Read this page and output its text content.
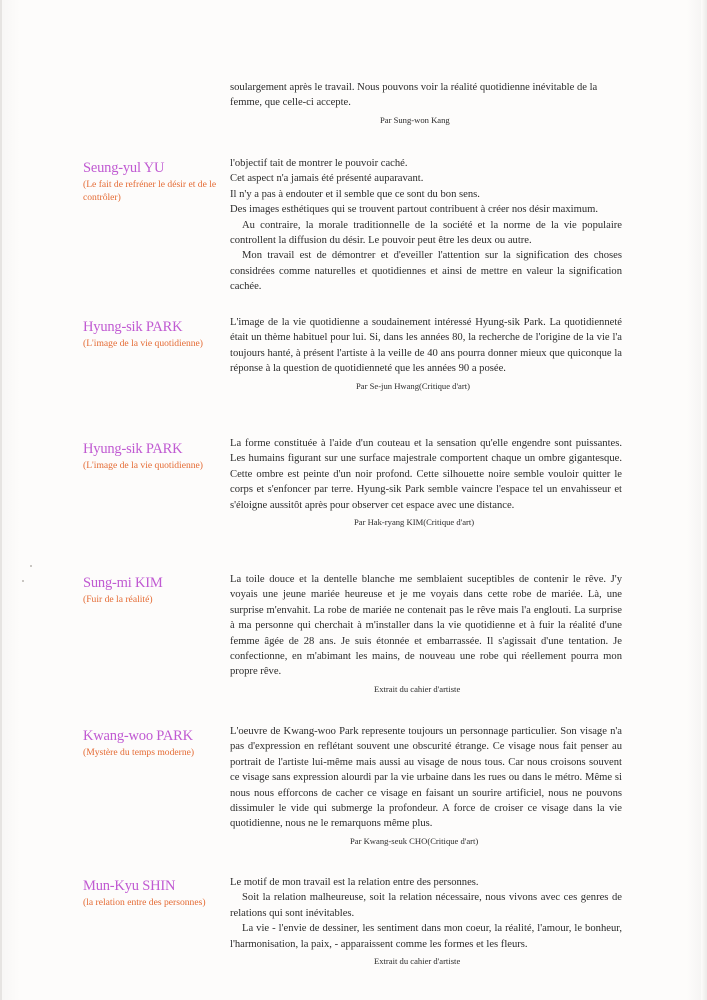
soulargement après le travail. Nous pouvons voir la réalité quotidienne inévitable de la

femme, que celle-ci accepte.

Par Sung-won Kang

Seung-yul YU

(Le fait de refréner le désir et de le contrôler)

l'objectif tait de montrer le pouvoir caché.

Cet aspect n'a jamais été présenté auparavant.

Il n'y a pas à endouter et il semble que ce sont du bon sens.

Des images esthétiques qui se trouvent partout contribuent à créer nos désir maximum.

Au contraire, la morale traditionnelle de la société et la norme de la vie populaire controllent la diffusion du désir. Le pouvoir peut être les deux ou autre.

Mon travail est de démontrer et d'eveiller l'attention sur la signification des choses considrées comme naturelles et quotidiennes et ainsi de mettre en valeur la signification cachée.

Hyung-sik PARK

(L'image de la vie quotidienne)

L'image de la vie quotidienne a soudainement intéressé Hyung-sik Park. La quotidienneté était un thème habituel pour lui. Si, dans les années 80, la recherche de l'origine de la vie l'a toujours hanté, à présent l'artiste à la veille de 40 ans pourra donner mieux que quiconque la réponse à la question de quotidienneté que les années 90 a posée.

Par Se-jun Hwang(Critique d'art)

Hyung-sik PARK

(L'image de la vie quotidienne)

La forme constituée à l'aide d'un couteau et la sensation qu'elle engendre sont puissantes. Les humains figurant sur une surface majestrale comportent chaque un ombre gigantesque. Cette ombre est peinte d'un noir profond. Cette silhouette noire semble vouloir quitter le corps et s'enfoncer par terre. Hyung-sik Park semble vaincre l'espace tel un envahisseur et s'éloigne aussitôt après pour observer cet espace avec une distance.

Par Hak-ryang KIM(Critique d'art)

Sung-mi KIM

(Fuir de la réalité)

La toile douce et la dentelle blanche me semblaient suceptibles de contenir le rêve. J'y voyais une jeune mariée heureuse et je me voyais dans cette robe de mariée. Là, une surprise m'envahit. La robe de mariée ne contenait pas le rêve mais l'a englouti. La surprise à ma personne qui cherchait à m'installer dans la vie quotidienne et à fuir la réalité d'une femme âgée de 28 ans. Je suis étonnée et embarrassée. Il s'agissait d'une tentation. Je confectionne, en m'abimant les mains, de nouveau une robe qui réellement pourra mon propre rêve.

Extrait du cahier d'artiste

Kwang-woo PARK

(Mystère du temps moderne)

L'oeuvre de Kwang-woo Park represente toujours un personnage particulier. Son visage n'a pas d'expression en reflétant souvent une obscurité étrange. Ce visage nous fait penser au portrait de l'artiste lui-même mais aussi au visage de nous tous. Car nous croisons souvent ce visage sans expression alourdi par la vie urbaine dans les rues ou dans le métro. Même si nous nous efforcons de cacher ce visage en faisant un sourire artificiel, nous ne pouvons dissimuler le vide qui submerge la profondeur. A force de croiser ce visage dans la vie quotidienne, nous ne le remarquons même plus.

Par Kwang-seuk CHO(Critique d'art)

Mun-Kyu SHIN

(la relation entre des personnes)

Le motif de mon travail est la relation entre des personnes.

Soit la relation malheureuse, soit la relation nécessaire, nous vivons avec ces genres de relations qui sont inévitables.

La vie - l'envie de dessiner, les sentiment dans mon coeur, la réalité, l'amour, le bonheur, l'harmonisation, la paix, - apparaissent comme les formes et les fleurs.

Extrait du cahier d'artiste
